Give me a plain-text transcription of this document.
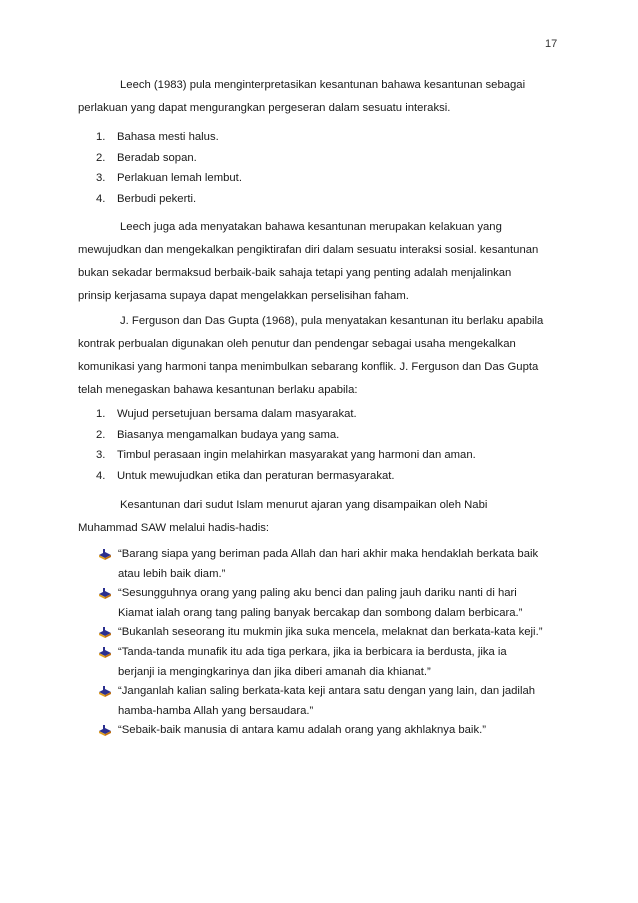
17

Leech (1983) pula menginterpretasikan kesantunan bahawa kesantunan sebagai
perlakuan yang dapat mengurangkan pergeseran dalam sesuatu interaksi.

1. Bahasa mesti halus.
2. Beradab sopan.
3. Perlakuan lemah lembut.
4. Berbudi pekerti.

Leech juga ada menyatakan bahawa kesantunan merupakan kelakuan yang
mewujudkan dan mengekalkan pengiktirafan diri dalam sesuatu interaksi sosial. kesantunan
bukan sekadar bermaksud berbaik-baik sahaja tetapi yang penting adalah menjalinkan
prinsip kerjasama supaya dapat mengelakkan perselisihan faham.

J. Ferguson dan Das Gupta (1968), pula menyatakan kesantunan itu berlaku apabila
kontrak perbualan digunakan oleh penutur dan pendengar sebagai usaha mengekalkan
komunikasi yang harmoni tanpa menimbulkan sebarang konflik. J. Ferguson dan Das Gupta
telah menegaskan bahawa kesantunan berlaku apabila:

1. Wujud persetujuan bersama dalam masyarakat.
2. Biasanya mengamalkan budaya yang sama.
3. Timbul perasaan ingin melahirkan masyarakat yang harmoni dan aman.
4. Untuk mewujudkan etika dan peraturan bermasyarakat.

Kesantunan dari sudut Islam menurut ajaran yang disampaikan oleh Nabi
Muhammad SAW melalui hadis-hadis:

“Barang siapa yang beriman pada Allah dan hari akhir maka hendaklah berkata baik
atau lebih baik diam.”
“Sesungguhnya orang yang paling aku benci dan paling jauh dariku nanti di hari
Kiamat ialah orang tang paling banyak bercakap dan sombong dalam berbicara.”
“Bukanlah seseorang itu mukmin jika suka mencela, melaknat dan berkata-kata keji.”
“Tanda-tanda munafik itu ada tiga perkara, jika ia berbicara ia berdusta, jika ia
berjanji ia mengingkarinya dan jika diberi amanah dia khianat.”
“Janganlah kalian saling berkata-kata keji antara satu dengan yang lain, dan jadilah
hamba-hamba Allah yang bersaudara.”
“Sebaik-baik manusia di antara kamu adalah orang yang akhlaknya baik.”
